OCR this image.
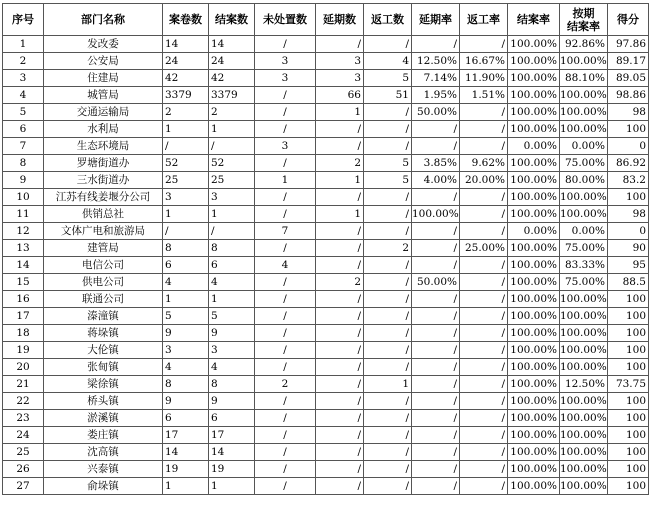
序号	部门名称	案卷数	结案数	未处置数	延期数	返工数	延期率	返工率	结案率	按期
结案率	得分
1	发改委	14	14	/	/	/	/	/	100.00%	92.86%	97.86
2	公安局	24	24	3	3	4	12.50%	16.67%	100.00%	100.00%	89.17
3	住建局	42	42	3	3	5	7.14%	11.90%	100.00%	88.10%	89.05
4	城管局	3379	3379	/	66	51	1.95%	1.51%	100.00%	100.00%	98.86
5	交通运输局	2	2	/	1	/	50.00%	/	100.00%	100.00%	98
6	水利局	1	1	/	/	/	/	/	100.00%	100.00%	100
7	生态环境局	/	/	3	/	/	/	/	0.00%	0.00%	0
8	罗塘街道办	52	52	/	2	5	3.85%	9.62%	100.00%	75.00%	86.92
9	三水街道办	25	25	1	1	5	4.00%	20.00%	100.00%	80.00%	83.2
10	江苏有线姜堰分公司	3	3	/	/	/	/	/	100.00%	100.00%	100
11	供销总社	1	1	/	1	/	100.00%	/	100.00%	100.00%	98
12	文体广电和旅游局	/	/	7	/	/	/	/	0.00%	0.00%	0
13	建管局	8	8	/	/	2	/	25.00%	100.00%	75.00%	90
14	电信公司	6	6	4	/	/	/	/	100.00%	83.33%	95
15	供电公司	4	4	/	2	/	50.00%	/	100.00%	75.00%	88.5
16	联通公司	1	1	/	/	/	/	/	100.00%	100.00%	100
17	溱潼镇	5	5	/	/	/	/	/	100.00%	100.00%	100
18	蒋垛镇	9	9	/	/	/	/	/	100.00%	100.00%	100
19	大伦镇	3	3	/	/	/	/	/	100.00%	100.00%	100
20	张甸镇	4	4	/	/	/	/	/	100.00%	100.00%	100
21	梁徐镇	8	8	2	/	1	/	/	100.00%	12.50%	73.75
22	桥头镇	9	9	/	/	/	/	/	100.00%	100.00%	100
23	淤溪镇	6	6	/	/	/	/	/	100.00%	100.00%	100
24	娄庄镇	17	17	/	/	/	/	/	100.00%	100.00%	100
25	沈高镇	14	14	/	/	/	/	/	100.00%	100.00%	100
26	兴泰镇	19	19	/	/	/	/	/	100.00%	100.00%	100
27	俞垛镇	1	1	/	/	/	/	/	100.00%	100.00%	100
